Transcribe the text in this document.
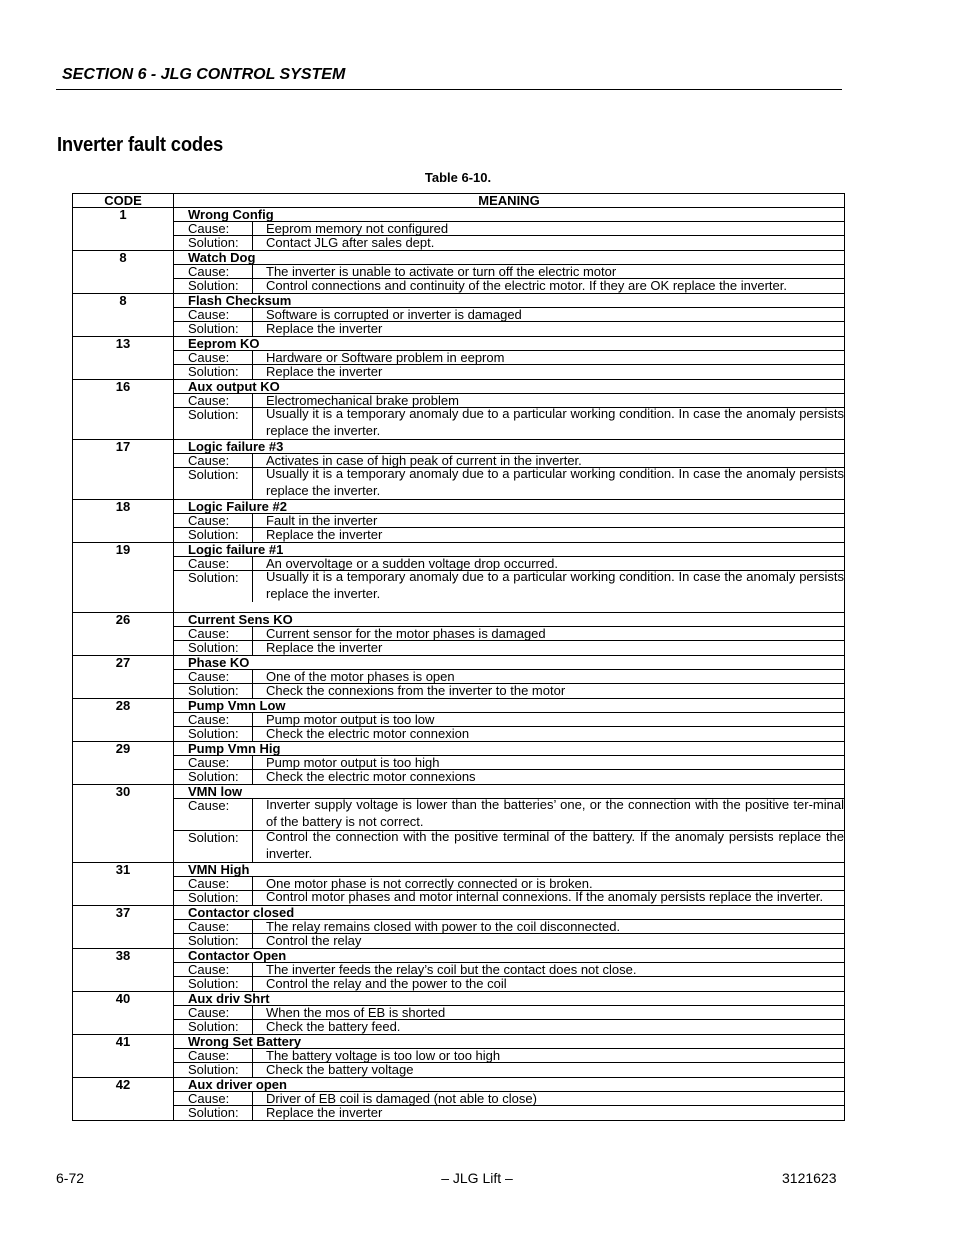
SECTION 6 - JLG CONTROL SYSTEM
Inverter fault codes
Table 6-10.
CODE	MEANING
1	Wrong Config
Cause:	Eeprom memory not configured
Solution:	Contact JLG after sales dept.
8	Watch Dog
Cause:	The inverter is unable to activate or turn off the electric motor
Solution:	Control connections and continuity of the electric motor. If they are OK replace the inverter.
8	Flash Checksum
Cause:	Software is corrupted or inverter is damaged
Solution:	Replace the inverter
13	Eeprom KO
Cause:	Hardware or Software problem in eeprom
Solution:	Replace the inverter
16	Aux output KO
Cause:	Electromechanical brake problem
Solution:	Usually it is a temporary anomaly due to a particular working condition. In case the anomaly persists replace the inverter.
17	Logic failure #3
Cause:	Activates in case of high peak of current in the inverter.
Solution:	Usually it is a temporary anomaly due to a particular working condition. In case the anomaly persists replace the inverter.
18	Logic Failure #2
Cause:	Fault in the inverter
Solution:	Replace the inverter
19	Logic failure #1
Cause:	An overvoltage or a sudden voltage drop occurred.
Solution:	Usually it is a temporary anomaly due to a particular working condition. In case the anomaly persists replace the inverter.
26	Current Sens KO
Cause:	Current sensor for the motor phases is damaged
Solution:	Replace the inverter
27	Phase KO
Cause:	One of the motor phases is open
Solution:	Check the connexions from the inverter to the motor
28	Pump Vmn Low
Cause:	Pump motor output is too low
Solution:	Check the electric motor connexion
29	Pump Vmn Hig
Cause:	Pump motor output is too high
Solution:	Check the electric motor connexions
30	VMN low
Cause:	Inverter supply voltage is lower than the batteries’ one, or the connection with the positive ter-minal of the battery is not correct.
Solution:	Control the connection with the positive terminal of the battery. If the anomaly persists replace the inverter.
31	VMN High
Cause:	One motor phase is not correctly connected or is broken.
Solution:	Control motor phases and motor internal connexions. If the anomaly persists replace the inverter.
37	Contactor closed
Cause:	The relay remains closed with power to the coil disconnected.
Solution:	Control the relay
38	Contactor Open
Cause:	The inverter feeds the relay’s coil but the contact does not close.
Solution:	Control the relay and the power to the coil
40	Aux driv Shrt
Cause:	When the mos of EB is shorted
Solution:	Check the battery feed.
41	Wrong Set Battery
Cause:	The battery voltage is too low or too high
Solution:	Check the battery voltage
42	Aux driver open
Cause:	Driver of EB coil is damaged (not able to close)
Solution:	Replace the inverter
6-72	– JLG Lift –	3121623
